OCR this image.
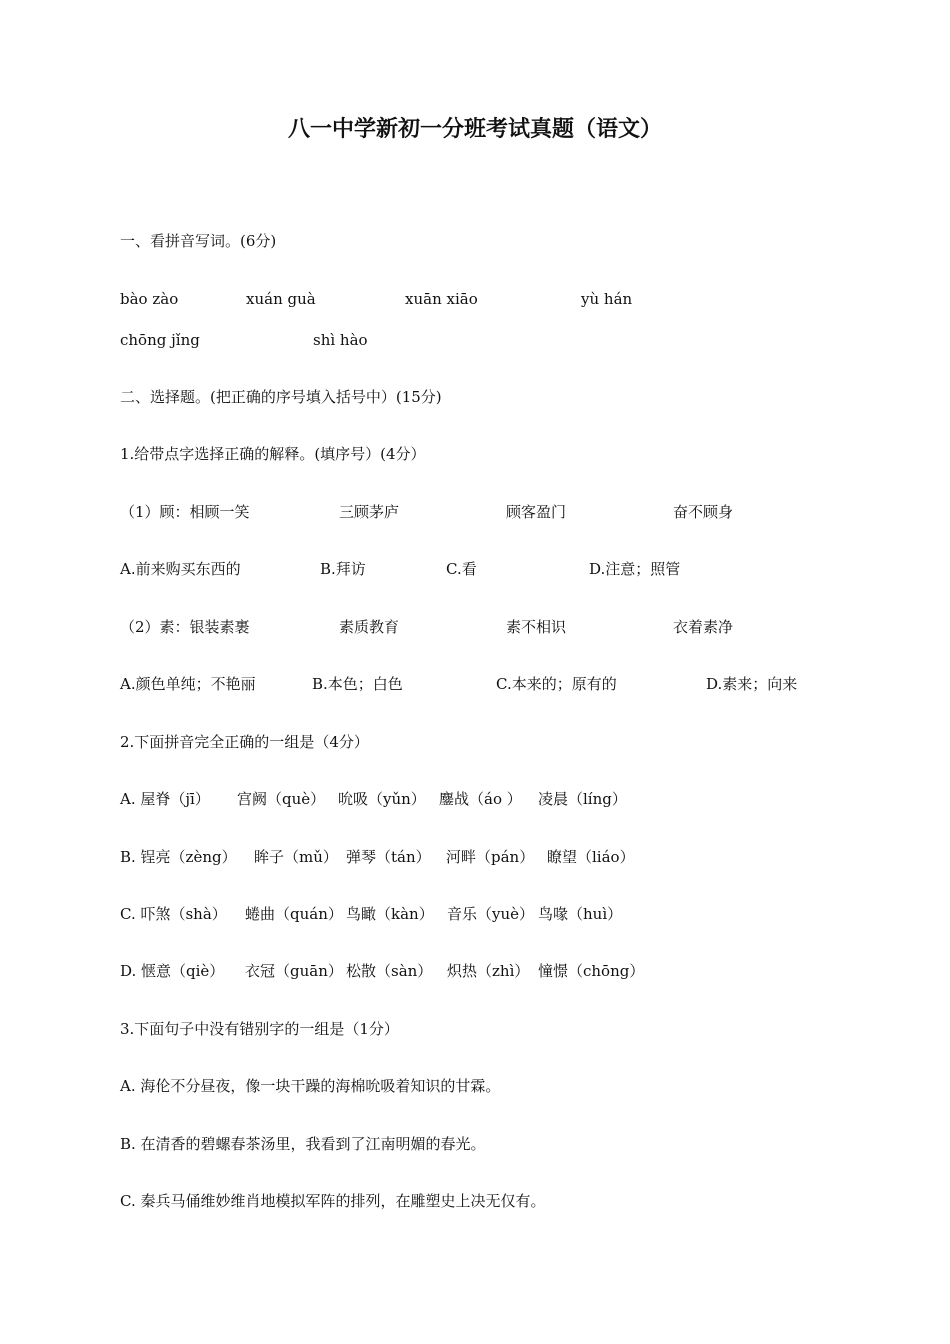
八一中学新初一分班考试真题（语文）
一、看拼音写词。(6分)
bào zào	xuán guà	xuān xiāo	yù hán
chōng jǐng	shì hào
二、选择题。(把正确的序号填入括号中）(15分)
1.给带点字选择正确的解释。(填序号）(4分）
（1）顾：相顾一笑	三顾茅庐	顾客盈门	奋不顾身
A.前来购买东西的	B.拜访	C.看	D.注意；照管
（2）素：银装素裹	素质教育	素不相识	衣着素净
A.颜色单纯；不艳丽	B.本色；白色	C.本来的；原有的	D.素来；向来
2.下面拼音完全正确的一组是（4分）
A. 屋脊（jī） 宫阙（què） 吮吸（yǔn） 鏖战（áo ） 凌晨（líng）
B. 锃亮（zèng） 眸子（mǔ） 弹琴（tán） 河畔（pán） 瞭望（liáo）
C. 吓煞（shà） 蜷曲（quán） 鸟瞰（kàn） 音乐（yuè） 鸟喙（huì）
D. 惬意（qiè） 衣冠（guān） 松散（sàn） 炽热（zhì） 憧憬（chōng）
3.下面句子中没有错别字的一组是（1分）
A. 海伦不分昼夜，像一块干躁的海棉吮吸着知识的甘霖。
B. 在清香的碧螺春茶汤里，我看到了江南明媚的春光。
C. 秦兵马俑维妙维肖地模拟军阵的排列，在雕塑史上决无仅有。
